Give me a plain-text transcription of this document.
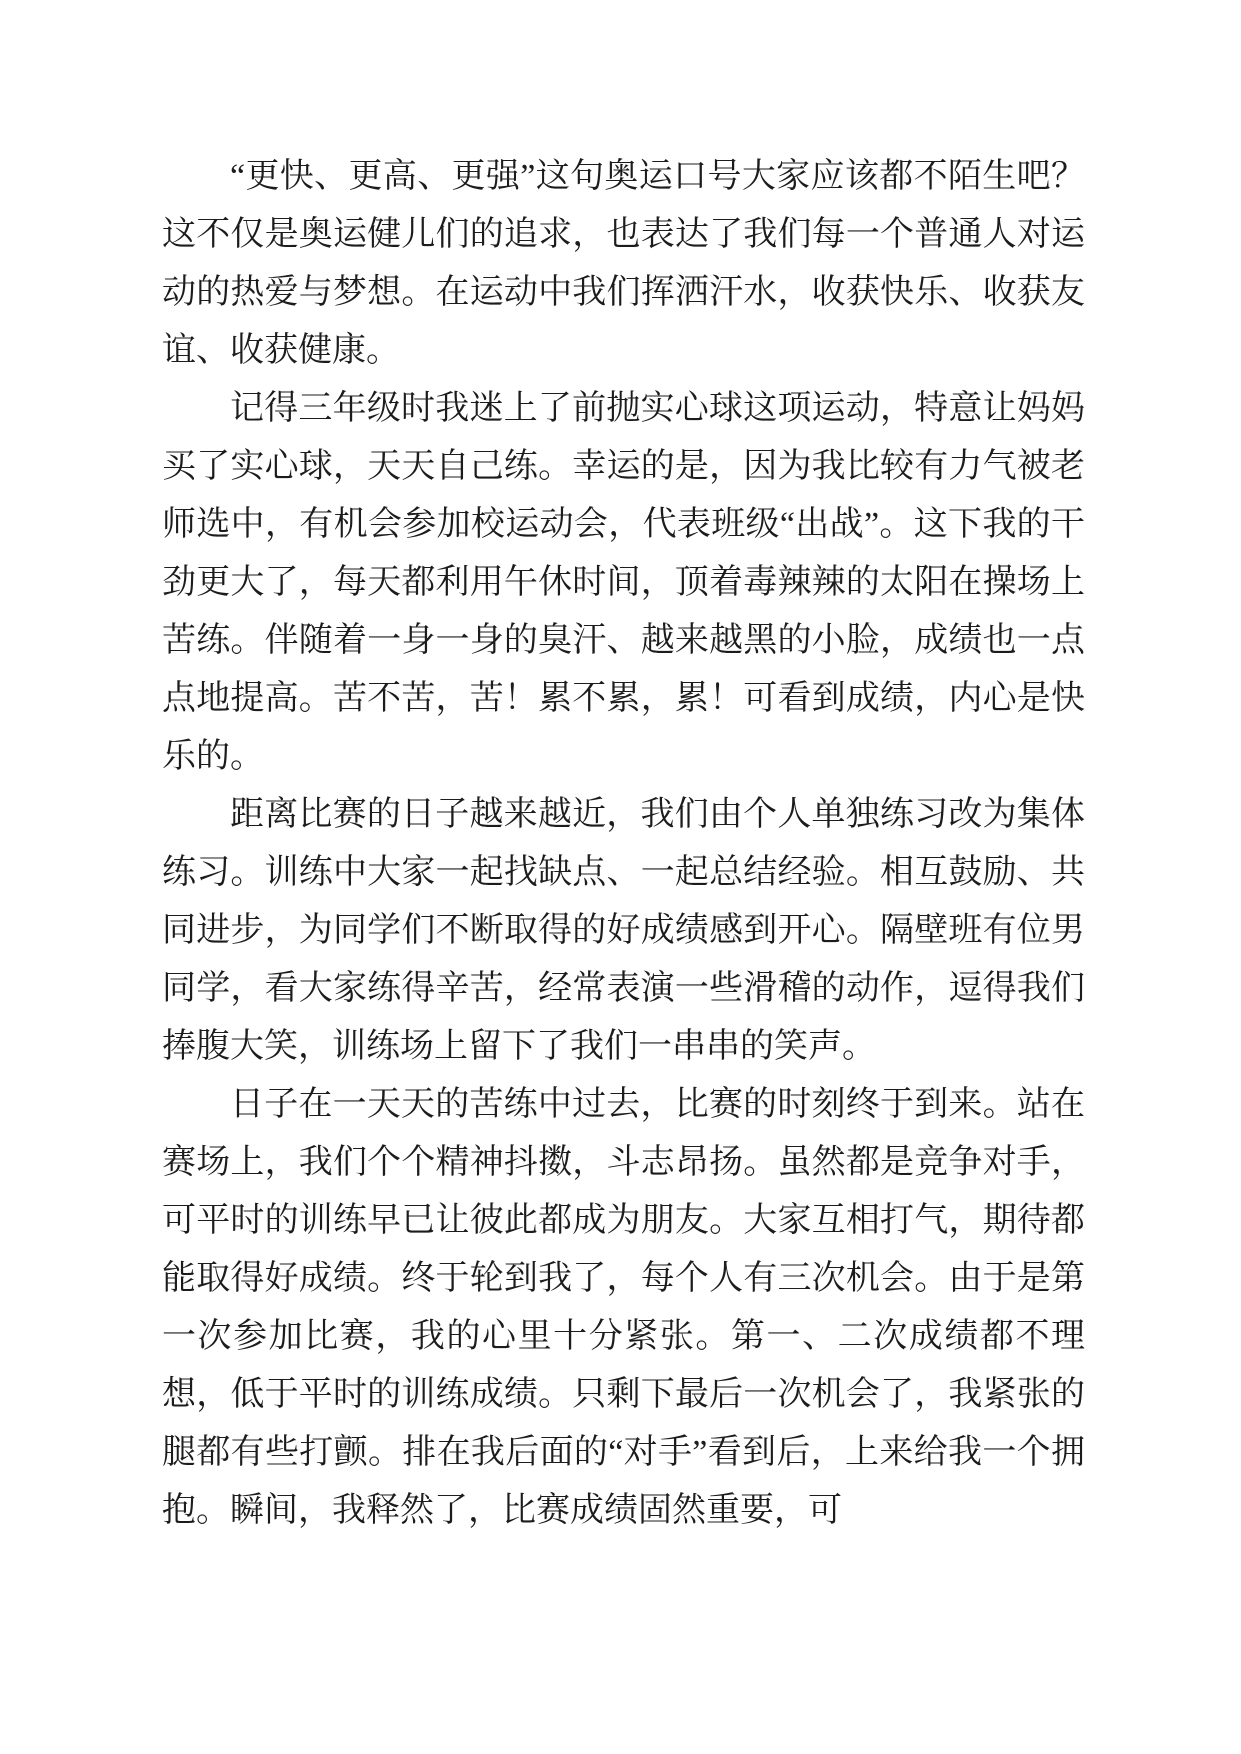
“更快、更高、更强”这句奥运口号大家应该都不陌生吧？这不仅是奥运健儿们的追求，也表达了我们每一个普通人对运动的热爱与梦想。在运动中我们挥洒汗水，收获快乐、收获友谊、收获健康。

记得三年级时我迷上了前抛实心球这项运动，特意让妈妈买了实心球，天天自己练。幸运的是，因为我比较有力气被老师选中，有机会参加校运动会，代表班级“出战”。这下我的干劲更大了，每天都利用午休时间，顶着毒辣辣的太阳在操场上苦练。伴随着一身一身的臭汗、越来越黑的小脸，成绩也一点点地提高。苦不苦，苦！累不累，累！可看到成绩，内心是快乐的。

距离比赛的日子越来越近，我们由个人单独练习改为集体练习。训练中大家一起找缺点、一起总结经验。相互鼓励、共同进步，为同学们不断取得的好成绩感到开心。隔壁班有位男同学，看大家练得辛苦，经常表演一些滑稽的动作，逗得我们捧腹大笑，训练场上留下了我们一串串的笑声。

日子在一天天的苦练中过去，比赛的时刻终于到来。站在赛场上，我们个个精神抖擞，斗志昂扬。虽然都是竞争对手，可平时的训练早已让彼此都成为朋友。大家互相打气，期待都能取得好成绩。终于轮到我了，每个人有三次机会。由于是第一次参加比赛，我的心里十分紧张。第一、二次成绩都不理想，低于平时的训练成绩。只剩下最后一次机会了，我紧张的腿都有些打颤。排在我后面的“对手”看到后，上来给我一个拥抱。瞬间，我释然了，比赛成绩固然重要，可
